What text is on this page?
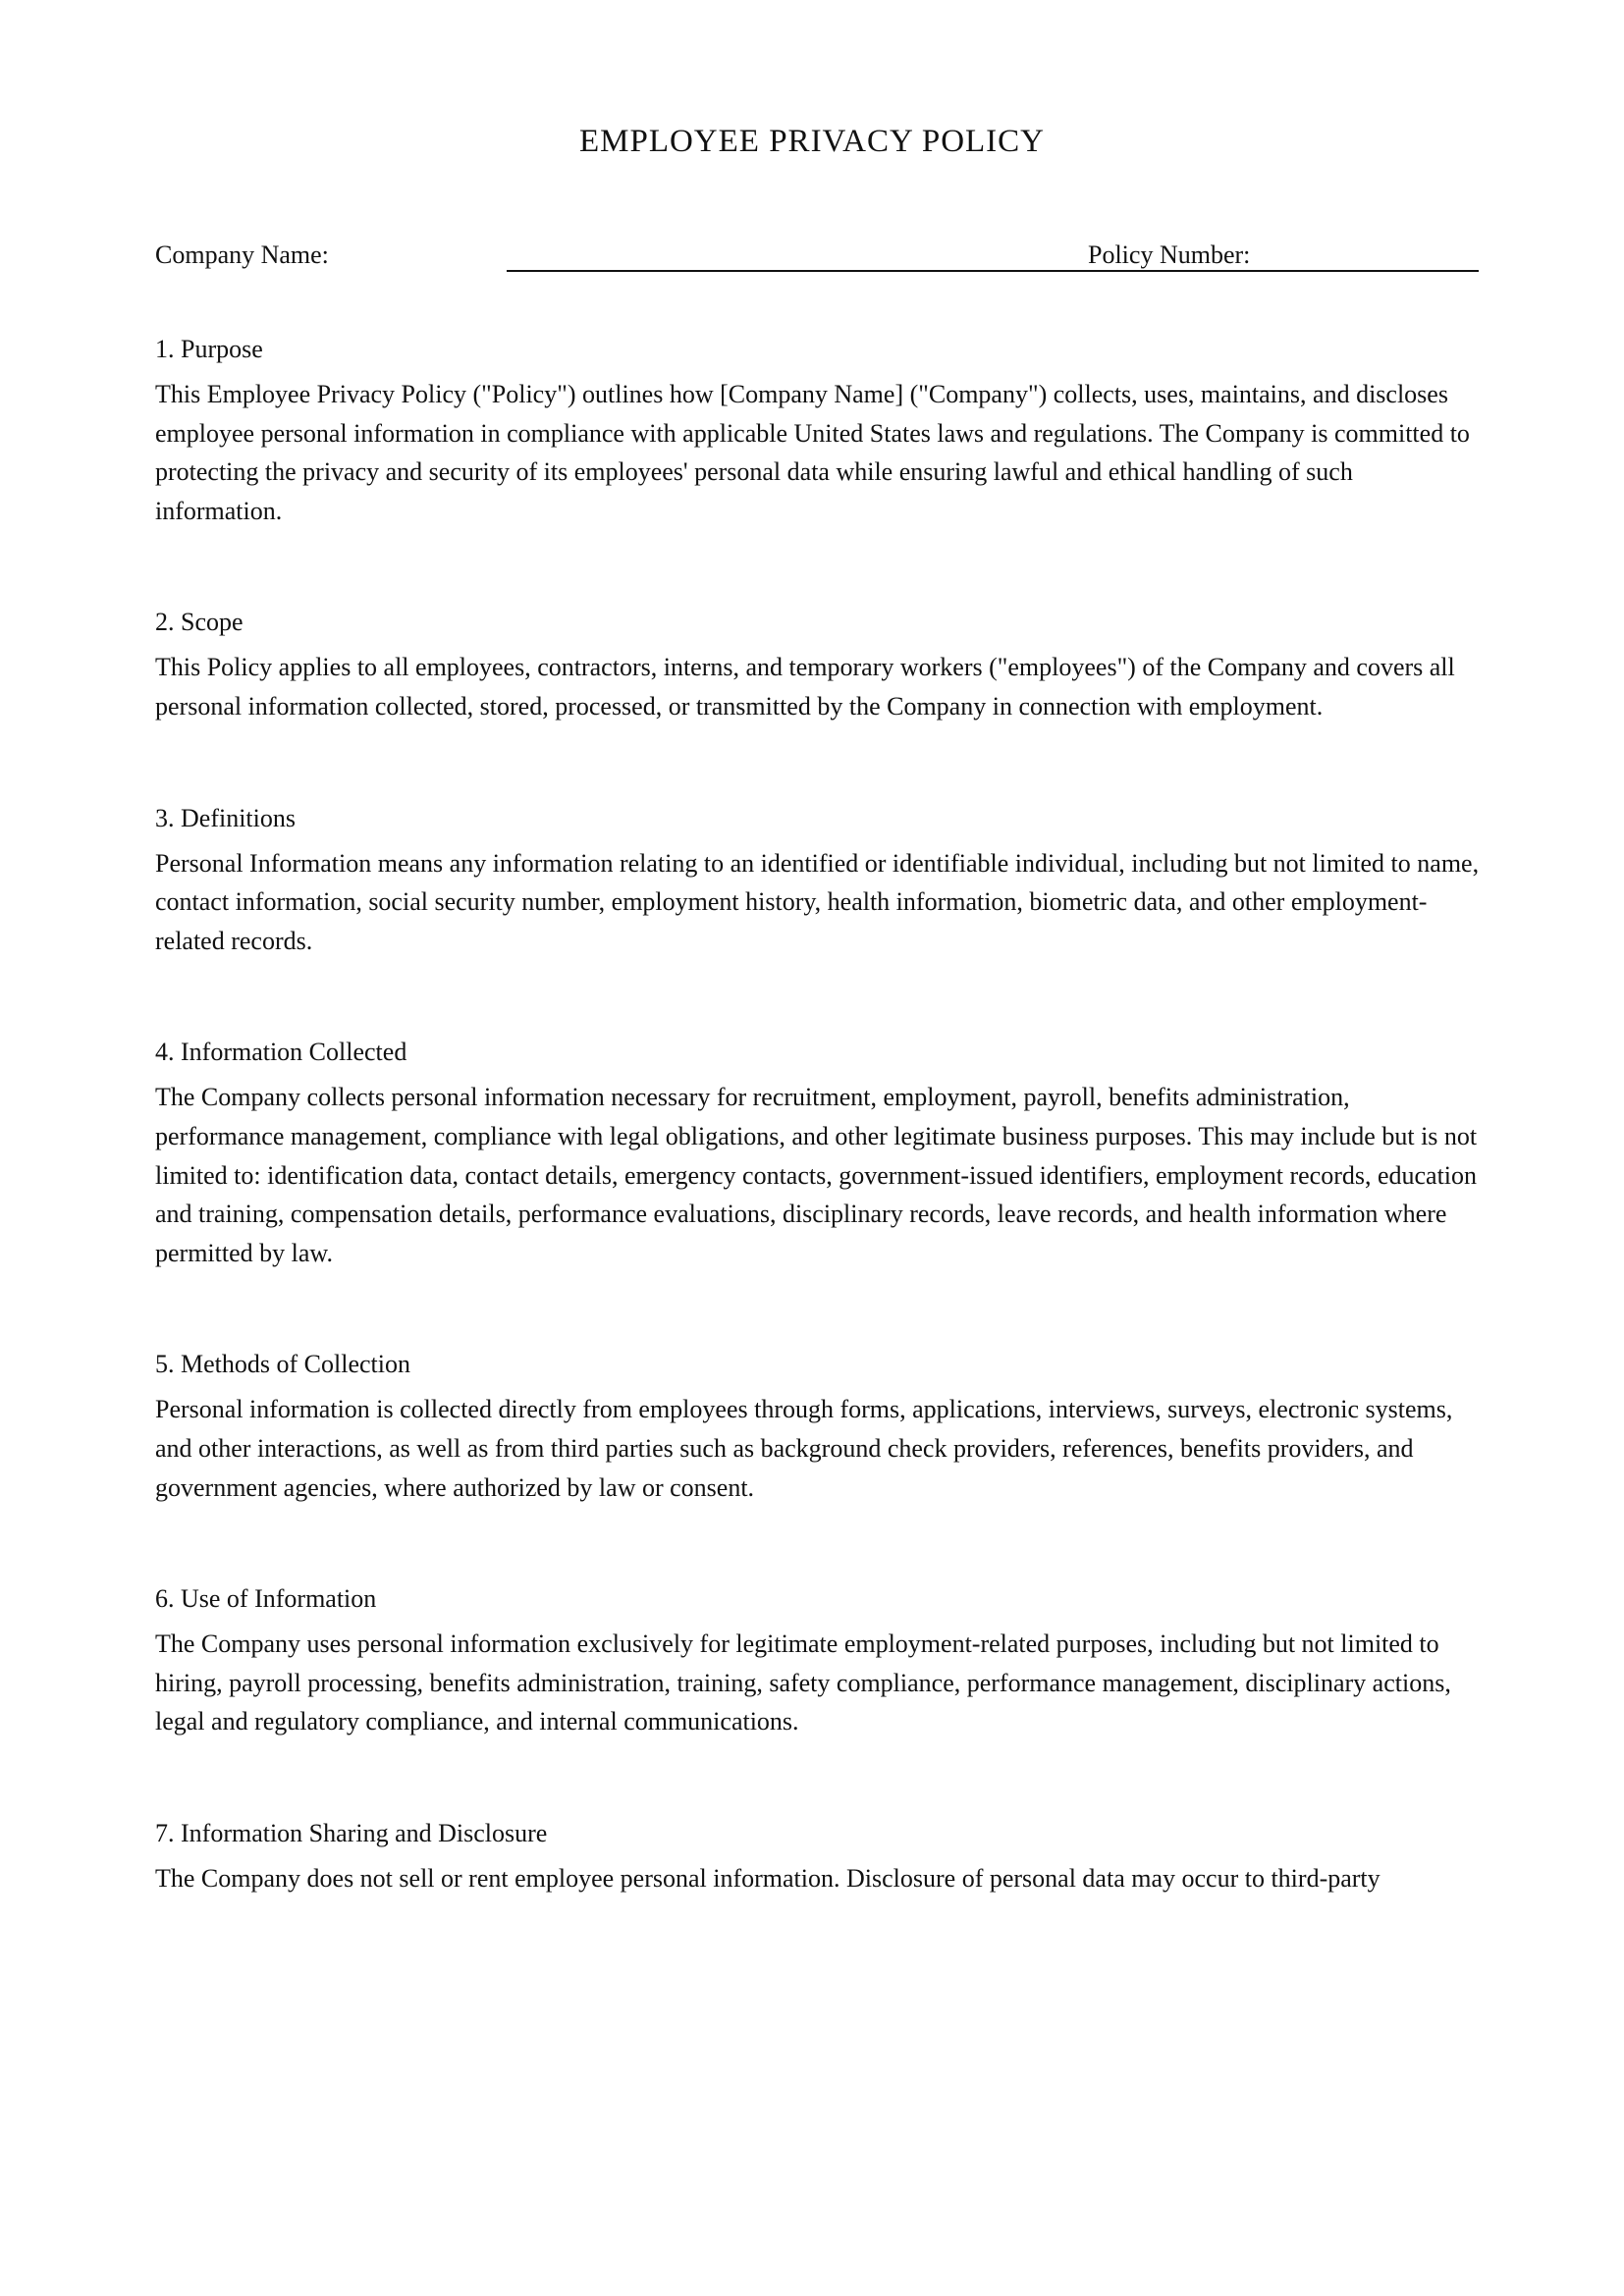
EMPLOYEE PRIVACY POLICY
Company Name:	Policy Number:
1. Purpose

This Employee Privacy Policy ("Policy") outlines how [Company Name] ("Company") collects, uses, maintains, and discloses employee personal information in compliance with applicable United States laws and regulations. The Company is committed to protecting the privacy and security of its employees' personal data while ensuring lawful and ethical handling of such information.

2. Scope

This Policy applies to all employees, contractors, interns, and temporary workers ("employees") of the Company and covers all personal information collected, stored, processed, or transmitted by the Company in connection with employment.

3. Definitions

Personal Information means any information relating to an identified or identifiable individual, including but not limited to name, contact information, social security number, employment history, health information, biometric data, and other employment-related records.

4. Information Collected

The Company collects personal information necessary for recruitment, employment, payroll, benefits administration, performance management, compliance with legal obligations, and other legitimate business purposes. This may include but is not limited to: identification data, contact details, emergency contacts, government-issued identifiers, employment records, education and training, compensation details, performance evaluations, disciplinary records, leave records, and health information where permitted by law.

5. Methods of Collection

Personal information is collected directly from employees through forms, applications, interviews, surveys, electronic systems, and other interactions, as well as from third parties such as background check providers, references, benefits providers, and government agencies, where authorized by law or consent.

6. Use of Information

The Company uses personal information exclusively for legitimate employment-related purposes, including but not limited to hiring, payroll processing, benefits administration, training, safety compliance, performance management, disciplinary actions, legal and regulatory compliance, and internal communications.

7. Information Sharing and Disclosure

The Company does not sell or rent employee personal information. Disclosure of personal data may occur to third-party
